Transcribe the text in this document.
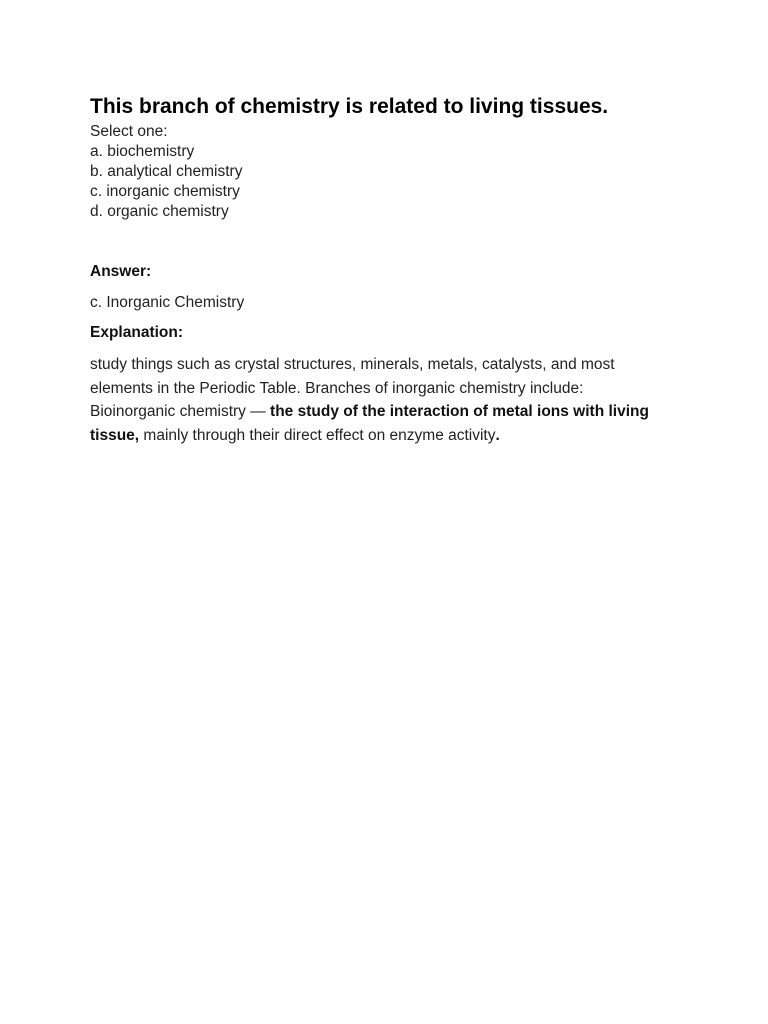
This branch of chemistry is related to living tissues.
Select one:
a. biochemistry
b. analytical chemistry
c. inorganic chemistry
d. organic chemistry
Answer:
c. Inorganic Chemistry
Explanation:
study things such as crystal structures, minerals, metals, catalysts, and most elements in the Periodic Table. Branches of inorganic chemistry include: Bioinorganic chemistry — the study of the interaction of metal ions with living tissue, mainly through their direct effect on enzyme activity.
